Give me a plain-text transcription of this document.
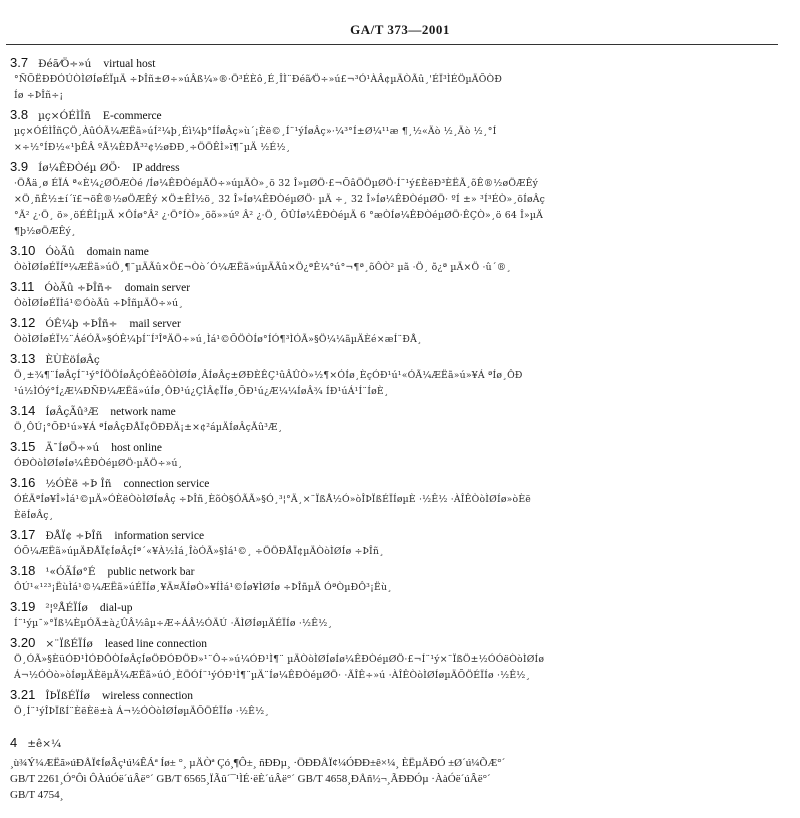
GA/T 373—2001
3.7 Ðéã⁄Ö÷»ú virtual host
°ÑÕËÐÐÓÚÒÌØÍøÉÏµÄ ÷ÞÎñ±Ø÷»úÂß¼»®·Ö³ÉÈô¸É¸ÎÌ¨Ðéã⁄Ö÷»ú£¬³Ó¹ÀÂ¢µÄÒÃû¸'ÉÏ³ÌÉÖµÄÕÒÐ
Íø ÷ÞÎñ÷¡
3.8 µç×ÓÉÌÎñ E-commerce
µç×ÓÉÌÎñÇÖ¸ÀûÓÃ¼ÆËã»úÍ²¼þ¸Éì¼þ°ÍÍøÂç»ù´¡Èë©¸Í¨¹ýÍøÂç»·¼³°Í±Ø¼¹¹æ ¶¸½«Äò ½¸Äò ½¸°Í
×÷½°ÍÐ½«¹þÊÂ ºÃ¼ÈÐÅ³²¢½øÐÐ¸÷ÖÖÊÌ»ï¶¯µÄ ½É½¸
3.9 Íø¼ÊÐÒéµ ØÖ· IP address
·ÖÅä¸ø ÉÏÁ ª«È¼¿ØÖÆÒé /Íø¼ÊÐÒéµÄÖ÷»úµÄÒ»¸ö 32 Î»µØÖ·£¬ÕâÖÖµØÖ·Í¨¹ý£ÈëÐ³ÈËÃ¸õÊ®½øÖÆÊý
×Ö¸ñÊ½±í´ï£¬öÊ®½øÖÆÊý ×Ö±ÊÎ½ö¸ 32 Î»Íø¼ÊÐÒéµØÖ· µÄ ÷¸ 32 Î»Íø¼ÊÐÒéµØÖ· ºÍ ±» ³Í³ÉÒ»¸öÍøÂç
°Ã² ¿·Ö¸ ö»¸öÉÊÍ¡µÄ ×ÔÍø°Â² ¿·Ö°ÍÒ»¸öõ»»úº Â² ¿·Ö¸ ÕÛÍø¼ÊÐÒéµÄ 6 °æÒÍø¼ÊÐÒéµØÖ·ÊÇÒ»¸ö 64 Î»µÄ
¶þ½øÖÆÊý¸
3.10 ÓòÃû domain name
ÒòÌØÍøÉÏÍª¼ÆËã»úÖ¸¶¨µÄÃû×Ö£¬Òò´Ó¼ÆËã»úµÄÃû×Ö¿ªÊ¼°ú°¬¶ª¸õÔÒ² µã ·Ö¸ õ¿ª µÄ×Ö ·û´®¸
3.11 ÓòÃû ÷ÞÎñ÷ domain server
ÒòÌØÍøÉÏÌá¹©ÓòÃû ÷ÞÎñµÄÖ÷»ú¸
3.12 ÓÊ¼þ ÷ÞÎñ÷ mail server
ÒòÌØÍøÉÏ½¨ÁéÓÃ»§ÓÊ¼þÍ¨Í³ÎªÄÖ÷»ú¸Ìá¹©ÕÖÒÍø°ÍÓ¶³ÌÓÃ»§Ö¼¼ãµÄÈé×æÍ¨ÐÅ¸
3.13 ÈÙÈöÍøÂç
Ö¸±¾¶¨ÍøÂçÍ¨¹ý°ÍÖÖÍøÂçÓÊèõÒÌØÍø¸ÂÍøÂç±ØÐÈÊÇ¹ûÂÛÒ»½¶×ÓÍø¸ÈçÓÐ¹ú¹«ÓÃ¼ÆËã»ú»¥Á ªÍø¸ÔÐ
¹ú½ÌÓý°Í¿Æ¼ÐÑÐ¼ÆËã»úÍø¸ÔÐ¹ú¿ÇÌÂ¢ÏÍø¸ÕÐ¹ú¿Æ¼¼ÍøÂ¾ ÍÐ¹úÁ¹Í¨ÍøÈ¸
3.14 ÍøÂçÃû³Æ network name
Ö¸ÔÚ¡°ÕÐ¹ú»¥Á ªÍøÂçÐÅÏ¢ÖÐÐÄ¡±×¢²áµÄÍøÂçÃû³Æ¸
3.15 Ä¯ÍøÖ÷»ú host online
ÓÐÒòÌØÍøÍø¼ÊÐÒéµØÖ·µÄÖ÷»ú¸
3.16 ½ÓÈë ÷Þ Îñ connection service
ÓÉÄªÍø¥Î»Ìá¹©µÄ»ÓÈëÒòÌØÍøÂç ÷ÞÎñ¸ÈõÒ§ÓÃÃ»§Ó¸³¦°Ä¸×¨ÏßÅ½Ó»òÎÞÏßÉÏÍøµÈ ·½Ê½ ·ÀÎÊÒòÌØÍø»òÈë
ÈëÍøÂç¸
3.17 ÐÅÏ¢ ÷ÞÎñ information service
ÓÕ¼ÆËã»úµÄÐÅÏ¢ÍøÂçÍª´«¥À½Ìá¸ÎòÓÃ»§Ìá¹©¸ ÷ÖÖÐÅÏ¢µÄÒòÌØÍø ÷ÞÎñ¸
3.18 ¹«ÓÃÍø°É public network bar
ÔÚ¹«¹²³¡ËùÌá¹©¼ÆËã»úÉÏÍø¸¥Ä¤ÃÍøÒ»¥ÍÌá¹©Íø¥ÌØÍø ÷ÞÎñµÄ ÓªÒµÐÔ³¡Ëù¸
3.19 ²¦ºÅÉÏÍø dial-up
Í¨¹ýµ¯»°Ïß¼ÈµÓÃ±à¿ÛÂ½âµ÷Æ÷ÁÂ½ÓÄÚ ·ÃÌØÍøµÄÉÏÍø ·½Ê½¸
3.20 ×¨ÏßÉÏÍø leased line connection
Ö¸ÓÃ»§ÈüÓÐ¹ÌÓÐÔÒÍøÂçÍøÖÐÓÐÖÐ»¹¨Ô÷»ú¼ÓÐ¹Ì¶¨ µÄÒòÌØÍøÍø¼ÊÐÒéµØÖ·£¬Í¨¹ý×¨ÏßÖ±½ÓÓëÒòÌØÍø
Á¬½ÓÒò»òÍøµÄÈëµÄ¼ÆËã»úÓ¸ÈÖÓÍ¨¹ýÓÐ¹Ì¶¨µÄ¨Íø¼ÊÐÒéµØÖ· ·ÃÎÊ÷»ú ·ÀÎÊÒòÌØÍøµÄÕÖÉÏÍø ·½Ê½¸
3.21 ÎÞÏßÉÏÍø wireless connection
Ö¸Í¨¹ýÎÞÏßÍ¨ÈëÈë±à Á¬½ÓÒòÌØÍøµÄÕÖÉÏÍø ·½Ê½¸
4 ±ê×¼
¸ù¾Ý¼ÆËã»úÐÅÏ¢ÍøÂç¹ú¼ÊÁª Íø± °¸ µÄÒª Çó¸¶Ô±¸ ñÐÐµ¸ ·ÖÐÐÅÏ¢¼ÓÐÐ±ê×¼¸ ÈËµÄÐÓ ±Ø´ú¼ÕÆ°´
GB/T 2261¸Ó°Ôì ÔÀúÓë´úÂë°´ GB/T 6565¸ÏÃû´¯¹ÌÉ·ëÈ´úÂë°´ GB/T 4658¸ÐÅñ½¬¸ÃÐÐÓµ ·ÀàÓë´úÂë°´
GB/T 4754¸
